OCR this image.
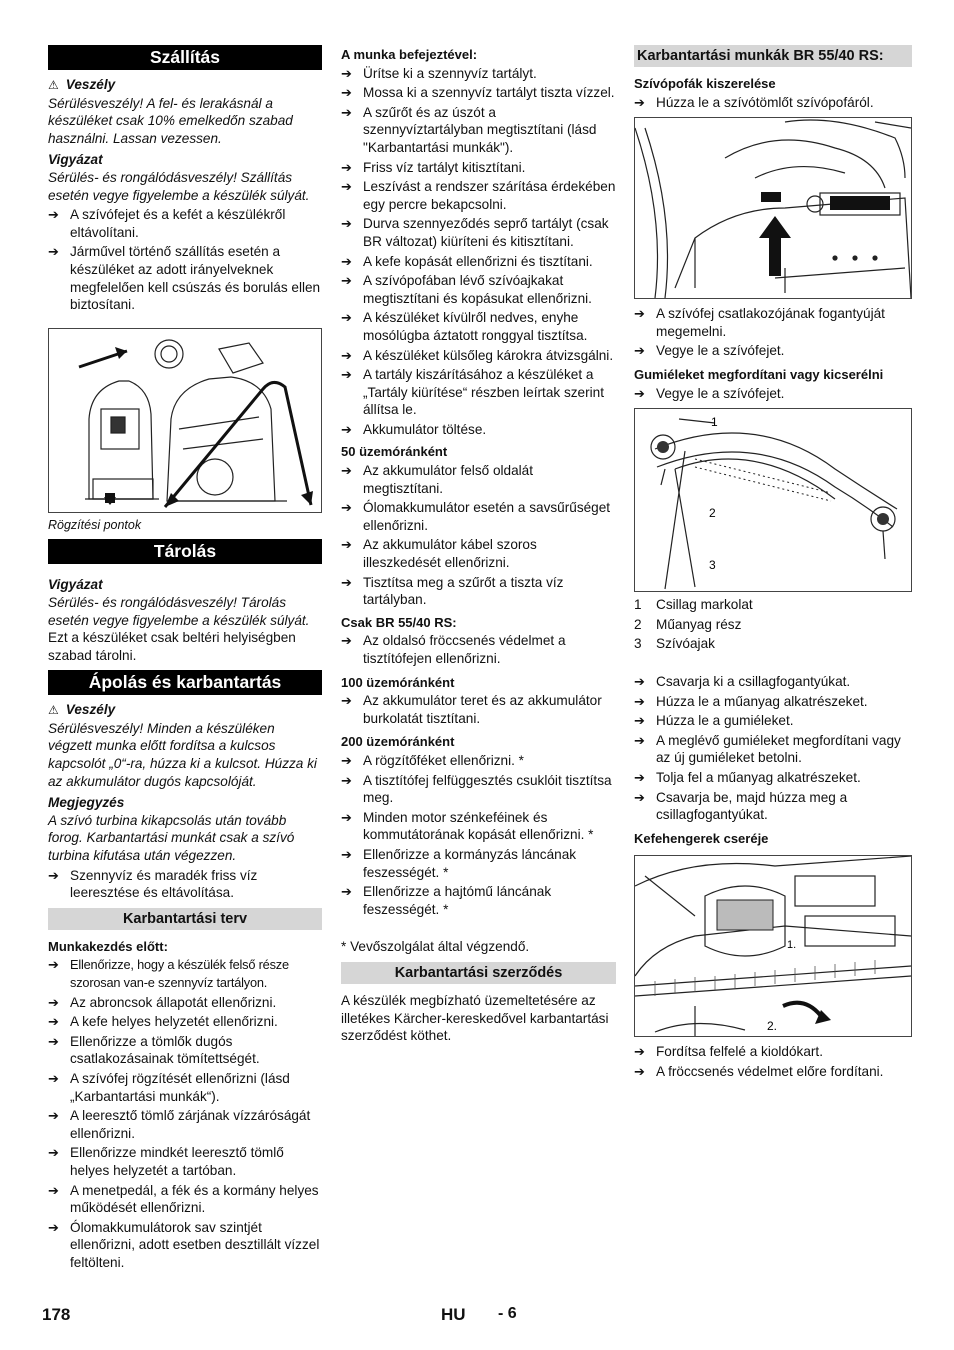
Szállítás
⚠ Veszély
Sérülésveszély! A fel- és lerakásnál a készüléket csak 10% emelkedőn szabad használni. Lassan vezessen.
Vigyázat
Sérülés- és rongálódásveszély! Szállítás esetén vegye figyelembe a készülék súlyát.
➔ A szívófejet és a kefét a készülékről eltávolítani.
➔ Járművel történő szállítás esetén a készüléket az adott irányelveknek megfelelően kell csúszás és borulás ellen biztosítani.
Rögzítési pontok
Tárolás
Vigyázat
Sérülés- és rongálódásveszély! Tárolás esetén vegye figyelembe a készülék súlyát.
Ezt a készüléket csak beltéri helyiségben szabad tárolni.
Ápolás és karbantartás
⚠ Veszély
Sérülésveszély! Minden a készüléken végzett munka előtt fordítsa a kulcsos kapcsolót „0“-ra, húzza ki a kulcsot. Húzza ki az akkumulátor dugós kapcsolóját.
Megjegyzés
A szívó turbina kikapcsolás után tovább forog. Karbantartási munkát csak a szívó turbina kifutása után végezzen.
➔ Szennyvíz és maradék friss víz leeresztése és eltávolítása.
Karbantartási terv
Munkakezdés előtt:
➔ Ellenőrizze, hogy a készülék felső része szorosan van-e szennyvíz tartályon.
➔ Az abroncsok állapotát ellenőrizni.
➔ A kefe helyes helyzetét ellenőrizni.
➔ Ellenőrizze a tömlők dugós csatlakozásainak tömítettségét.
➔ A szívófej rögzítését ellenőrizni (lásd „Karbantartási munkák“).
➔ A leeresztő tömlő zárjának vízzáróságát ellenőrizni.
➔ Ellenőrizze mindkét leeresztő tömlő helyes helyzetét a tartóban.
➔ A menetpedál, a fék és a kormány helyes működését ellenőrizni.
➔ Ólomakkumulátorok sav szintjét ellenőrizni, adott esetben desztillált vízzel feltölteni.
A munka befejeztével:
➔ Ürítse ki a szennyvíz tartályt.
➔ Mossa ki a szennyvíz tartályt tiszta vízzel.
➔ A szűrőt és az úszót a szennyvíztartályban megtisztítani (lásd "Karbantartási munkák").
➔ Friss víz tartályt kitisztítani.
➔ Leszívást a rendszer szárítása érdekében egy percre bekapcsolni.
➔ Durva szennyeződés seprő tartályt (csak BR változat) kiüríteni és kitisztítani.
➔ A kefe kopását ellenőrizni és tisztítani.
➔ A szívópofában lévő szívóajkakat megtisztítani és kopásukat ellenőrizni.
➔ A készüléket kívülről nedves, enyhe mosólúgba áztatott ronggyal tisztítsa.
➔ A készüléket külsőleg károkra átvizsgálni.
➔ A tartály kiszárításához a készüléket a „Tartály kiürítése“ részben leírtak szerint állítsa le.
➔ Akkumulátor töltése.
50 üzemóránként
➔ Az akkumulátor felső oldalát megtisztítani.
➔ Ólomakkumulátor esetén a savsűrűséget ellenőrizni.
➔ Az akkumulátor kábel szoros illeszkedését ellenőrizni.
➔ Tisztítsa meg a szűrőt a tiszta víz tartályban.
Csak BR 55/40 RS:
➔ Az oldalsó fröccsenés védelmet a tisztítófejen ellenőrizni.
100 üzemóránként
➔ Az akkumulátor teret és az akkumulátor burkolatát tisztítani.
200 üzemóránként
➔ A rögzítőféket ellenőrizni. *
➔ A tisztítófej felfüggesztés csuklóit tisztítsa meg.
➔ Minden motor szénkeféinek és kommutátorának kopását ellenőrizni. *
➔ Ellenőrizze a kormányzás láncának feszességét. *
➔ Ellenőrizze a hajtómű láncának feszességét. *
* Vevőszolgálat által végzendő.
Karbantartási szerződés
A készülék megbízható üzemeltetésére az illetékes Kärcher-kereskedővel karbantartási szerződést köthet.
Karbantartási munkák BR 55/40 RS:
Szívópofák kiszerelése
➔ Húzza le a szívótömlőt szívópofáról.
➔ A szívófej csatlakozójának fogantyúját megemelni.
➔ Vegye le a szívófejet.
Gumiéleket megfordítani vagy kicserélni
➔ Vegye le a szívófejet.
1
2
3
1	Csillag markolat
2	Műanyag rész
3	Szívóajak
➔ Csavarja ki a csillagfogantyúkat.
➔ Húzza le a műanyag alkatrészeket.
➔ Húzza le a gumiéleket.
➔ A meglévő gumiéleket megfordítani vagy az új gumiéleket betolni.
➔ Tolja fel a műanyag alkatrészeket.
➔ Csavarja be, majd húzza meg a csillagfogantyúkat.
Kefehengerek cseréje
1.
2.
➔ Fordítsa felfelé a kioldókart.
➔ A fröccsenés védelmet előre fordítani.
178	HU - 6
